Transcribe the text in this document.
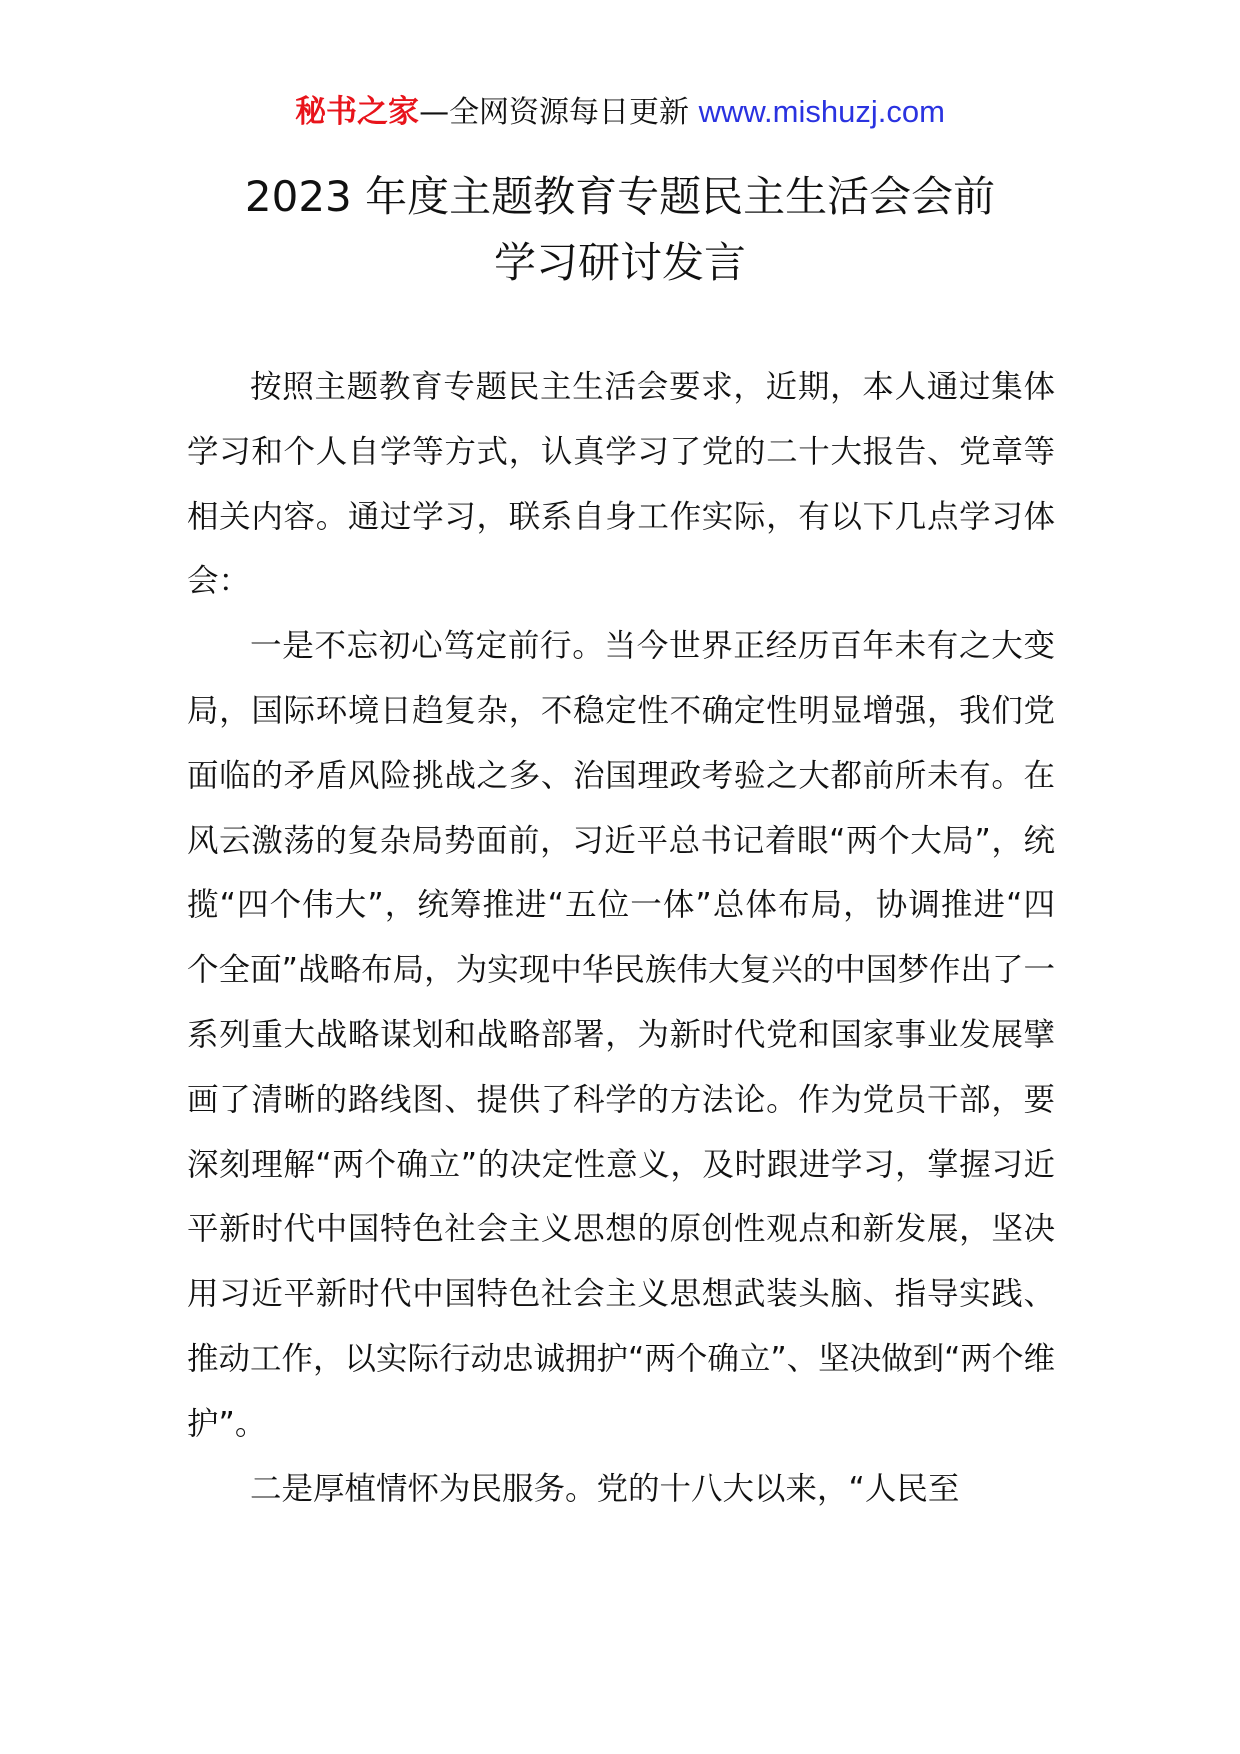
秘书之家—全网资源每日更新 www.mishuzj.com
2023 年度主题教育专题民主生活会会前
学习研讨发言

按照主题教育专题民主生活会要求，近期，本人通过集体学习和个人自学等方式，认真学习了党的二十大报告、党章等相关内容。通过学习，联系自身工作实际，有以下几点学习体会：

一是不忘初心笃定前行。当今世界正经历百年未有之大变局，国际环境日趋复杂，不稳定性不确定性明显增强，我们党面临的矛盾风险挑战之多、治国理政考验之大都前所未有。在风云激荡的复杂局势面前，习近平总书记着眼“两个大局”，统揽“四个伟大”，统筹推进“五位一体”总体布局，协调推进“四个全面”战略布局，为实现中华民族伟大复兴的中国梦作出了一系列重大战略谋划和战略部署，为新时代党和国家事业发展擘画了清晰的路线图、提供了科学的方法论。作为党员干部，要深刻理解“两个确立”的决定性意义，及时跟进学习，掌握习近平新时代中国特色社会主义思想的原创性观点和新发展，坚决用习近平新时代中国特色社会主义思想武装头脑、指导实践、推动工作，以实际行动忠诚拥护“两个确立”、坚决做到“两个维护”。

二是厚植情怀为民服务。党的十八大以来，“人民至
